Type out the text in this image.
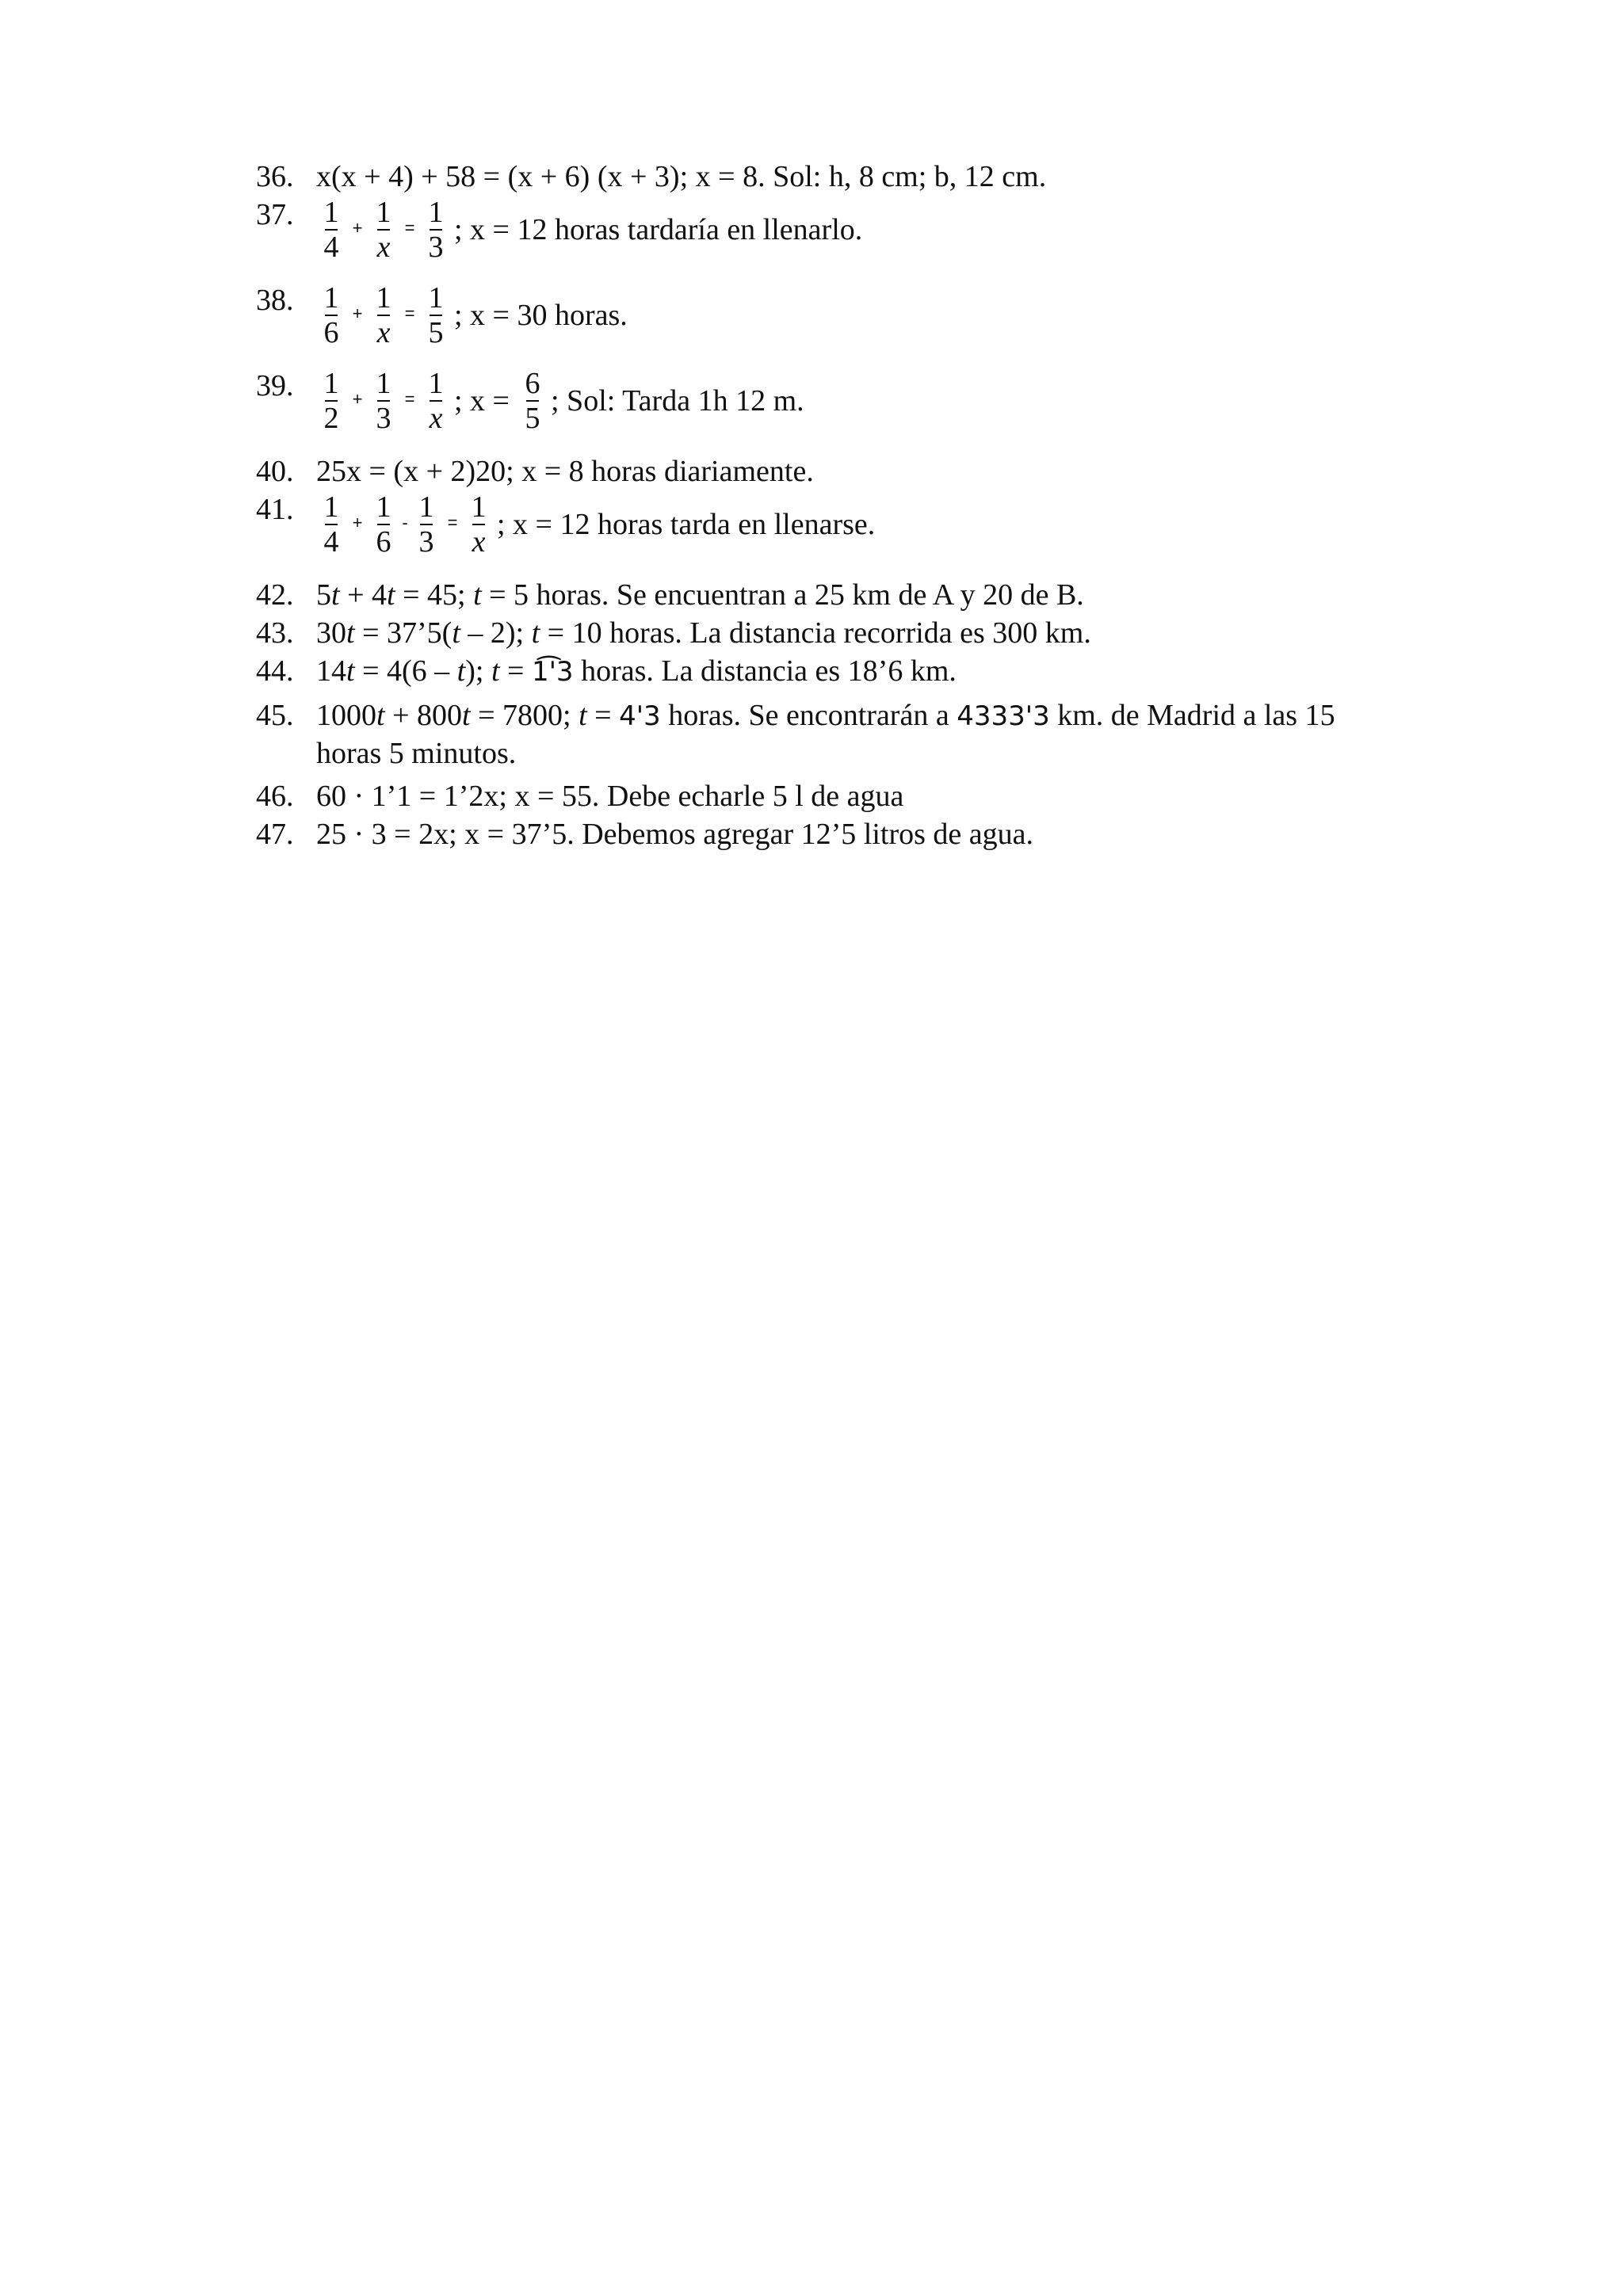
36. x(x + 4) + 58 = (x + 6) (x + 3); x = 8. Sol: h, 8 cm; b, 12 cm.
37. $\frac{1}{4} + \frac{1}{x} = \frac{1}{3}$ ; x = 12 horas tardaría en llenarlo.
38. $\frac{1}{6} + \frac{1}{x} = \frac{1}{5}$ ; x = 30 horas.
39. $\frac{1}{2} + \frac{1}{3} = \frac{1}{x}$ ; $x = \frac{6}{5}$ ; Sol: Tarda 1h 12 m.
40. 25x = (x + 2)20; x = 8 horas diariamente.
41. $\frac{1}{4} + \frac{1}{6} - \frac{1}{3} = \frac{1}{x}$ ; x = 12 horas tarda en llenarse.
42. 5t + 4t = 45; t = 5 horas. Se encuentran a 25 km de A y 20 de B.
43. 30t = 37’5(t – 2); t = 10 horas. La distancia recorrida es 300 km.
44. 14t = 4(6 – t); t = 1͡'3 horas. La distancia es 18’6 km.
45. 1000t + 800t = 7800; t = 4'3 horas. Se encontrarán a 4333'3 km. de Madrid a las 15
horas 5 minutos.
46. 60 · 1’1 = 1’2x; x = 55. Debe echarle 5 l de agua
47. 25 · 3 = 2x; x = 37’5. Debemos agregar 12’5 litros de agua.
